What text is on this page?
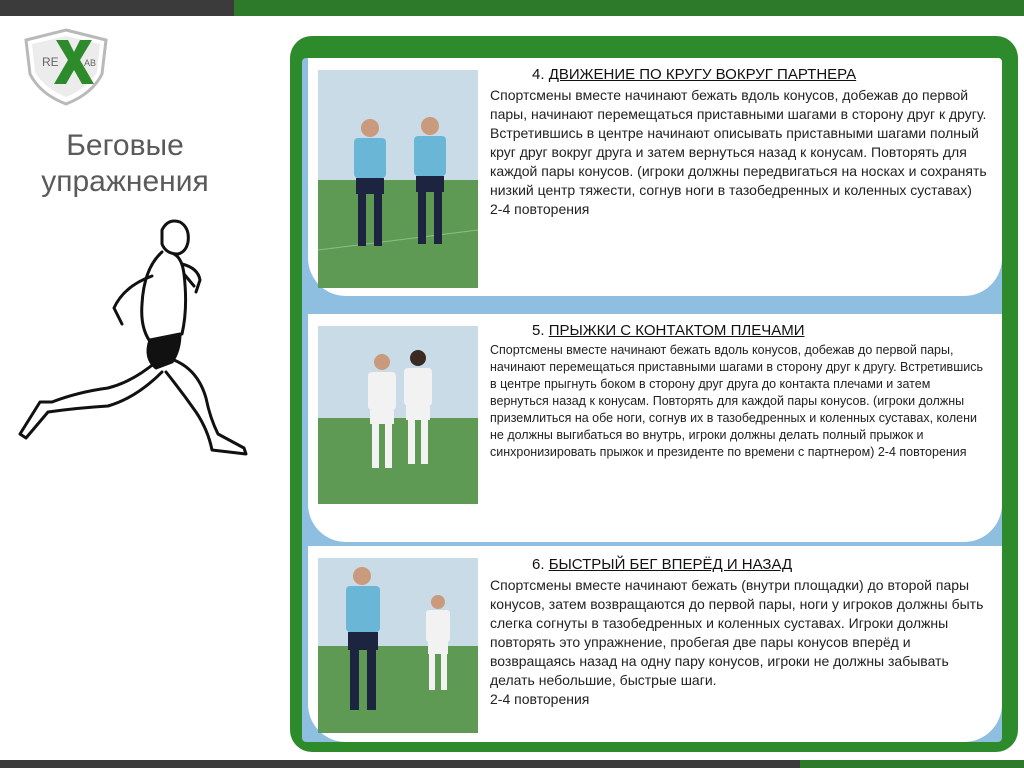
RE	AB
Беговые упражнения
4. ДВИЖЕНИЕ ПО КРУГУ ВОКРУГ ПАРТНЕРА
Спортсмены вместе начинают бежать вдоль конусов, добежав до первой пары, начинают перемещаться приставными шагами в сторону друг к другу. Встретившись в центре начинают описывать приставными шагами полный круг друг вокруг друга и затем вернуться назад к конусам. Повторять для каждой пары конусов. (игроки должны передвигаться на носках и сохранять низкий центр тяжести, согнув ноги в тазобедренных и коленных суставах)
2-4 повторения
5. ПРЫЖКИ С КОНТАКТОМ ПЛЕЧАМИ
Спортсмены вместе начинают бежать вдоль конусов, добежав до первой пары, начинают перемещаться приставными шагами в сторону друг к другу. Встретившись в центре прыгнуть боком в сторону друг друга до контакта плечами и затем вернуться назад к конусам. Повторять для каждой пары конусов. (игроки должны приземлиться на обе ноги, согнув их в тазобедренных и коленных суставах, колени не должны выгибаться во внутрь, игроки должны делать полный прыжок и синхронизировать прыжок и президенте по времени с партнером) 2-4 повторения
6. БЫСТРЫЙ БЕГ ВПЕРЁД И НАЗАД
Спортсмены вместе начинают бежать (внутри площадки) до второй пары конусов, затем возвращаются до первой пары, ноги у игроков должны быть слегка согнуты в тазобедренных и коленных суставах. Игроки должны повторять это упражнение, пробегая две пары конусов вперёд и возвращаясь назад на одну пару конусов, игроки не должны забывать делать небольшие, быстрые шаги.
2-4 повторения
